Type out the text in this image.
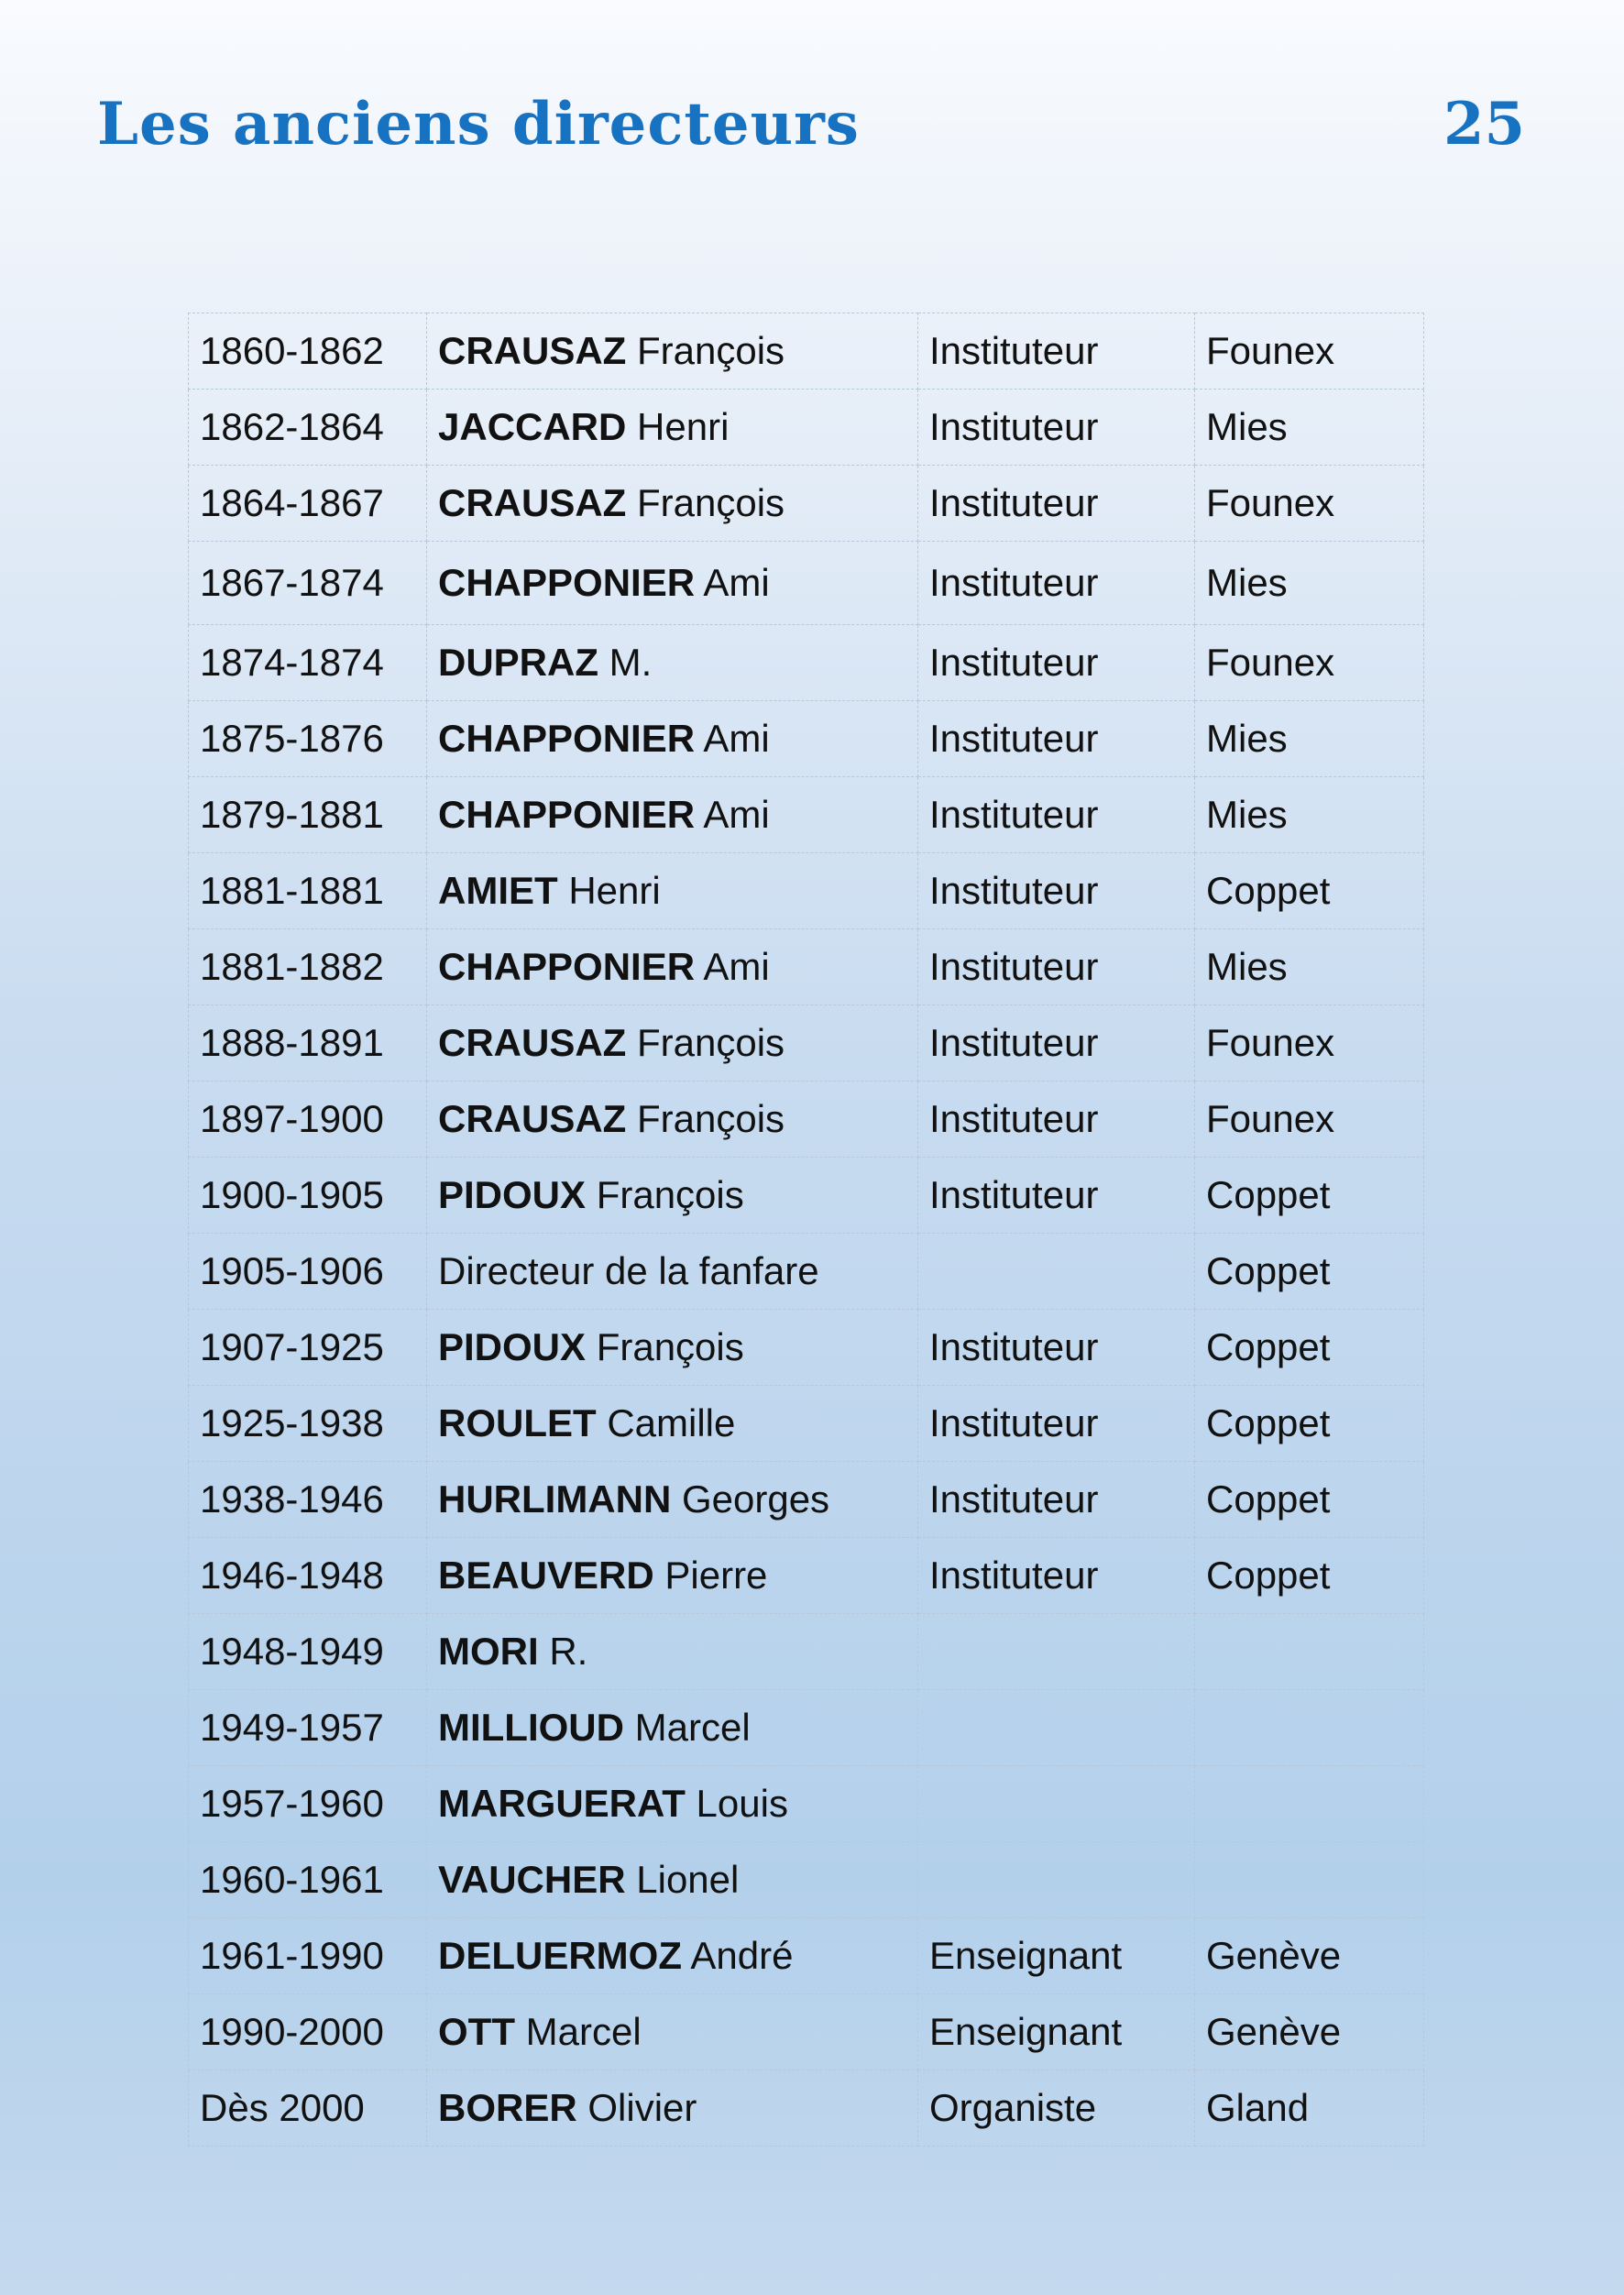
Les anciens directeurs	25
1860-1862	CRAUSAZ François	Instituteur	Founex
1862-1864	JACCARD Henri	Instituteur	Mies
1864-1867	CRAUSAZ François	Instituteur	Founex
1867-1874	CHAPPONIER Ami	Instituteur	Mies
1874-1874	DUPRAZ M.	Instituteur	Founex
1875-1876	CHAPPONIER Ami	Instituteur	Mies
1879-1881	CHAPPONIER Ami	Instituteur	Mies
1881-1881	AMIET Henri	Instituteur	Coppet
1881-1882	CHAPPONIER Ami	Instituteur	Mies
1888-1891	CRAUSAZ François	Instituteur	Founex
1897-1900	CRAUSAZ François	Instituteur	Founex
1900-1905	PIDOUX François	Instituteur	Coppet
1905-1906	Directeur de la fanfare		Coppet
1907-1925	PIDOUX François	Instituteur	Coppet
1925-1938	ROULET Camille	Instituteur	Coppet
1938-1946	HURLIMANN Georges	Instituteur	Coppet
1946-1948	BEAUVERD Pierre	Instituteur	Coppet
1948-1949	MORI R.		
1949-1957	MILLIOUD Marcel		
1957-1960	MARGUERAT Louis		
1960-1961	VAUCHER Lionel		
1961-1990	DELUERMOZ André	Enseignant	Genève
1990-2000	OTT Marcel	Enseignant	Genève
Dès 2000	BORER Olivier	Organiste	Gland
